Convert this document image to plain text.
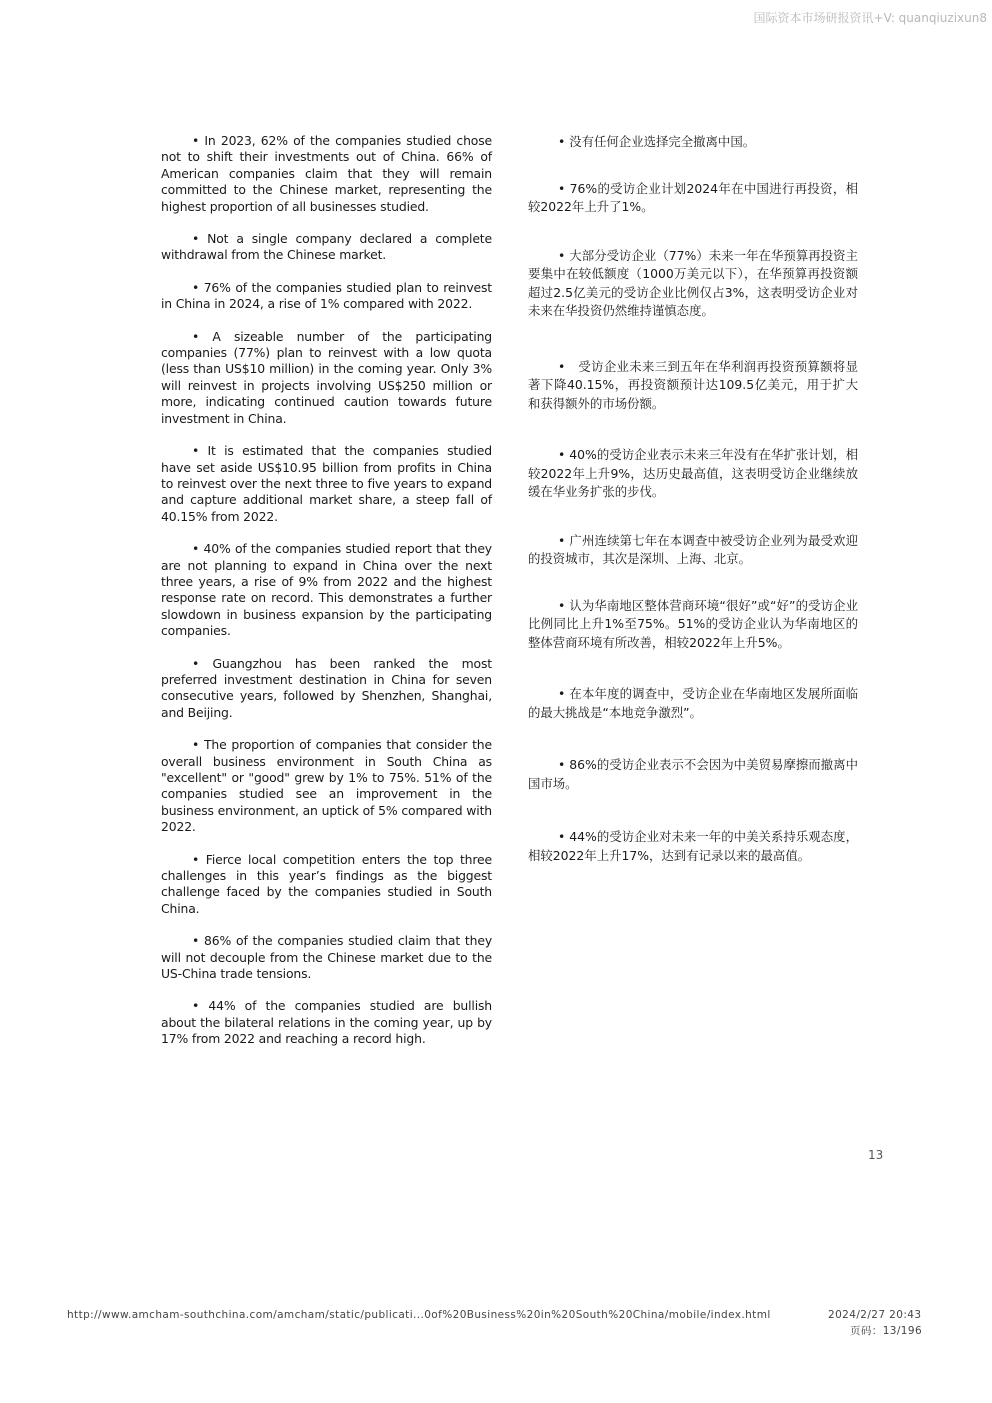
国际资本市场研报资讯+V: quanqiuzixun8

• In 2023, 62% of the companies studied chose not to shift their investments out of China. 66% of American companies claim that they will remain committed to the Chinese market, representing the highest proportion of all businesses studied.

• Not a single company declared a complete withdrawal from the Chinese market.

• 76% of the companies studied plan to reinvest in China in 2024, a rise of 1% compared with 2022.

• A sizeable number of the participating companies (77%) plan to reinvest with a low quota (less than US$10 million) in the coming year. Only 3% will reinvest in projects involving US$250 million or more, indicating continued caution towards future investment in China.

• It is estimated that the companies studied have set aside US$10.95 billion from profits in China to reinvest over the next three to five years to expand and capture additional market share, a steep fall of 40.15% from 2022.

• 40% of the companies studied report that they are not planning to expand in China over the next three years, a rise of 9% from 2022 and the highest response rate on record. This demonstrates a further slowdown in business expansion by the participating companies.

• Guangzhou has been ranked the most preferred investment destination in China for seven consecutive years, followed by Shenzhen, Shanghai, and Beijing.

• The proportion of companies that consider the overall business environment in South China as "excellent" or "good" grew by 1% to 75%. 51% of the companies studied see an improvement in the business environment, an uptick of 5% compared with 2022.

• Fierce local competition enters the top three challenges in this year’s findings as the biggest challenge faced by the companies studied in South China.

• 86% of the companies studied claim that they will not decouple from the Chinese market due to the US-China trade tensions.

• 44% of the companies studied are bullish about the bilateral relations in the coming year, up by 17% from 2022 and reaching a record high.

• 没有任何企业选择完全撤离中国。

• 76%的受访企业计划2024年在中国进行再投资，相较2022年上升了1%。

• 大部分受访企业（77%）未来一年在华预算再投资主要集中在较低额度（1000万美元以下），在华预算再投资额超过2.5亿美元的受访企业比例仅占3%，这表明受访企业对未来在华投资仍然维持谨慎态度。

•　受访企业未来三到五年在华利润再投资预算额将显著下降40.15%，再投资额预计达109.5亿美元，用于扩大和获得额外的市场份额。

• 40%的受访企业表示未来三年没有在华扩张计划，相较2022年上升9%，达历史最高值，这表明受访企业继续放缓在华业务扩张的步伐。

• 广州连续第七年在本调查中被受访企业列为最受欢迎的投资城市，其次是深圳、上海、北京。

• 认为华南地区整体营商环境“很好”或“好”的受访企业比例同比上升1%至75%。51%的受访企业认为华南地区的整体营商环境有所改善，相较2022年上升5%。

• 在本年度的调查中，受访企业在华南地区发展所面临的最大挑战是“本地竞争激烈”。

• 86%的受访企业表示不会因为中美贸易摩擦而撤离中国市场。

• 44%的受访企业对未来一年的中美关系持乐观态度，相较2022年上升17%，达到有记录以来的最高值。

13
http://www.amcham-southchina.com/amcham/static/publicati...0of%20Business%20in%20South%20China/mobile/index.html	2024/2/27 20:43
页码：13/196
